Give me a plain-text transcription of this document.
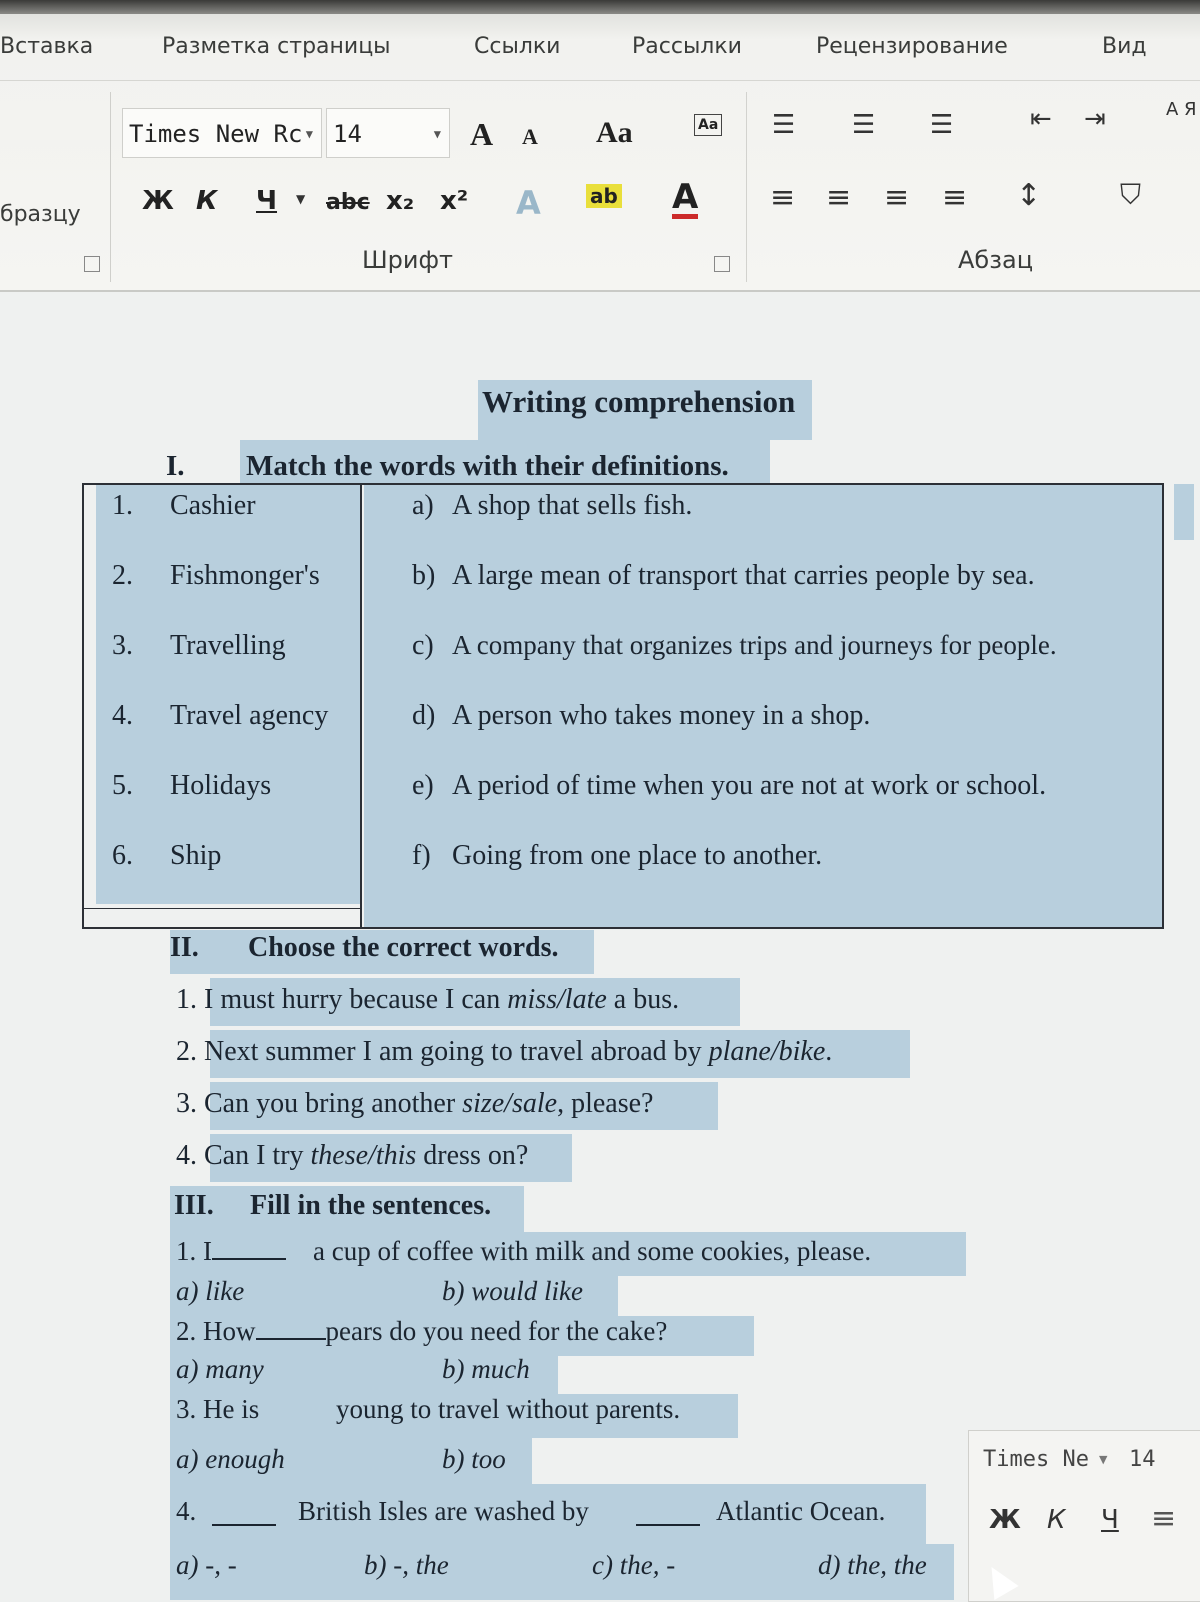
Вставка	Разметка страницы	Ссылки	Рассылки	Рецензирование	Вид
бразцу
Times New Rc ▼ 14	▼ A A Aa	Aa ☰ ☰ ☰	⇤ ⇥	А Я
Ж К Ч ▼ abc x₂ x² A ab A ≡ ≡ ≡ ≡ ↕	⛉
Шрифт	Абзац
Writing comprehension
I. Match the words with their definitions.
1. Cashier	a) A shop that sells fish.
2. Fishmonger's	b) A large mean of transport that carries people by sea.
3. Travelling	c) A company that organizes trips and journeys for people.
4. Travel agency	d) A person who takes money in a shop.
5. Holidays	e) A period of time when you are not at work or school.
6. Ship	f) Going from one place to another.
II. Choose the correct words.
1. I must hurry because I can miss/late a bus.
2. Next summer I am going to travel abroad by plane/bike.
3. Can you bring another size/sale, please?
4. Can I try these/this dress on?
III. Fill in the sentences.
1. I	a cup of coffee with milk and some cookies, please.
a) like	b) would like
2. How	pears do you need for the cake?
a) many	b) much
3. He is	young to travel without parents.
a) enough	b) too
4.	British Isles are washed by	Atlantic Ocean.
a) -, -	b) -, the	c) the, -	d) the, the
Times Ne ▼ 14
Ж К Ч ≡
